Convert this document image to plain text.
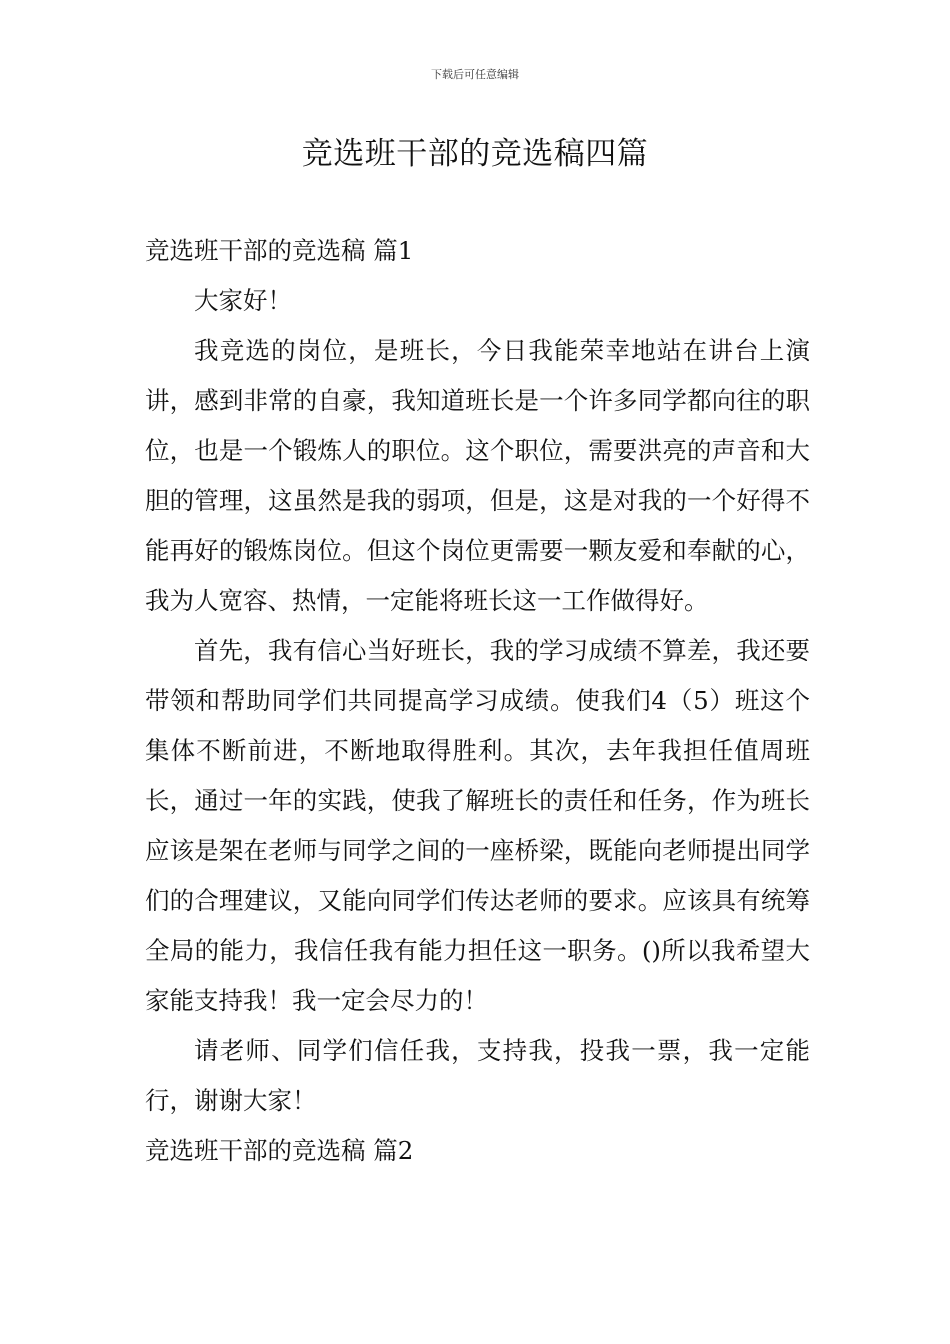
下载后可任意编辑
竞选班干部的竞选稿四篇
竞选班干部的竞选稿 篇1

大家好！

我竞选的岗位，是班长，今日我能荣幸地站在讲台上演讲，感到非常的自豪，我知道班长是一个许多同学都向往的职位，也是一个锻炼人的职位。这个职位，需要洪亮的声音和大胆的管理，这虽然是我的弱项，但是，这是对我的一个好得不能再好的锻炼岗位。但这个岗位更需要一颗友爱和奉献的心，我为人宽容、热情，一定能将班长这一工作做得好。

首先，我有信心当好班长，我的学习成绩不算差，我还要带领和帮助同学们共同提高学习成绩。使我们4（5）班这个集体不断前进，不断地取得胜利。其次，去年我担任值周班长，通过一年的实践，使我了解班长的责任和任务，作为班长应该是架在老师与同学之间的一座桥梁，既能向老师提出同学们的合理建议，又能向同学们传达老师的要求。应该具有统筹全局的能力，我信任我有能力担任这一职务。()所以我希望大家能支持我！我一定会尽力的！

请老师、同学们信任我，支持我，投我一票，我一定能行，谢谢大家！

竞选班干部的竞选稿 篇2
